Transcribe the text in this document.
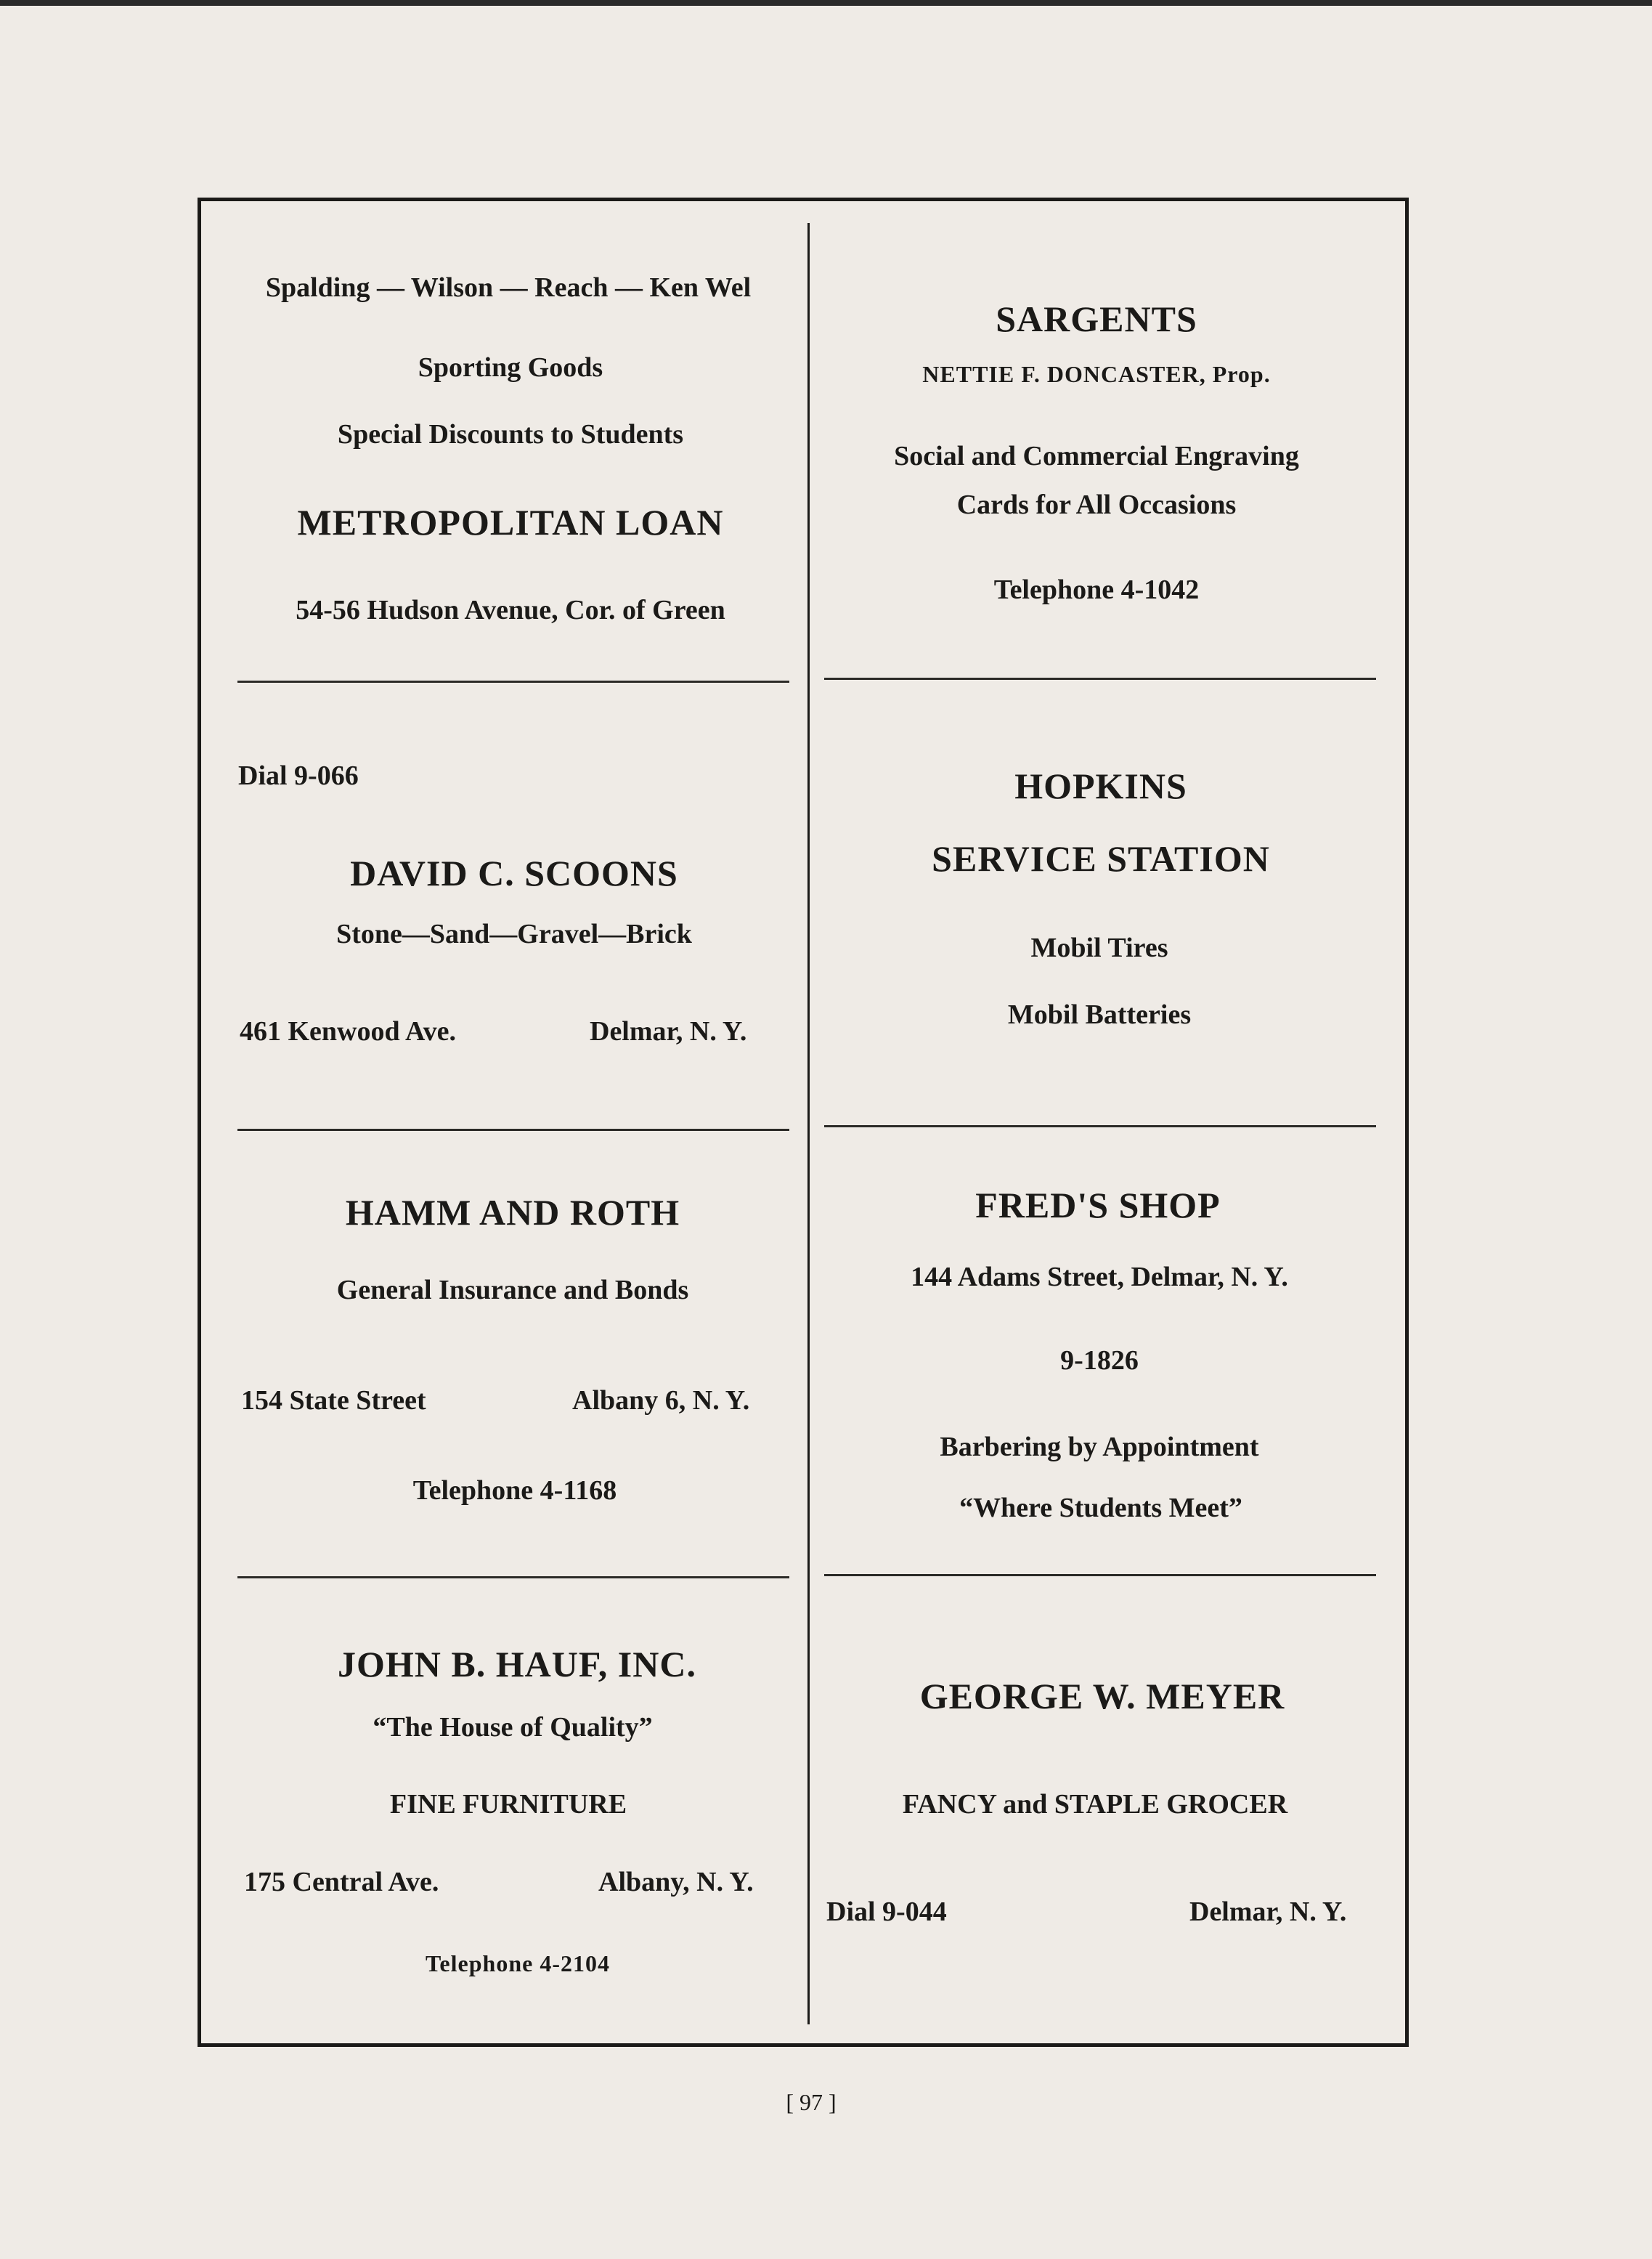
Spalding — Wilson — Reach — Ken Wel
Sporting Goods
Special Discounts to Students
METROPOLITAN LOAN
54-56 Hudson Avenue, Cor. of Green
SARGENTS
NETTIE F. DONCASTER, Prop.
Social and Commercial Engraving
Cards for All Occasions
Telephone 4-1042
Dial 9-066
DAVID C. SCOONS
Stone—Sand—Gravel—Brick
461 Kenwood Ave.	Delmar, N. Y.
HOPKINS
SERVICE STATION
Mobil Tires
Mobil Batteries
HAMM AND ROTH
General Insurance and Bonds
154 State Street	Albany 6, N. Y.
Telephone 4-1168
FRED'S SHOP
144 Adams Street, Delmar, N. Y.
9-1826
Barbering by Appointment
“Where Students Meet”
JOHN B. HAUF, INC.
“The House of Quality”
FINE FURNITURE
175 Central Ave.	Albany, N. Y.
Telephone 4-2104
GEORGE W. MEYER
FANCY and STAPLE GROCER
Dial 9-044	Delmar, N. Y.
[ 97 ]
